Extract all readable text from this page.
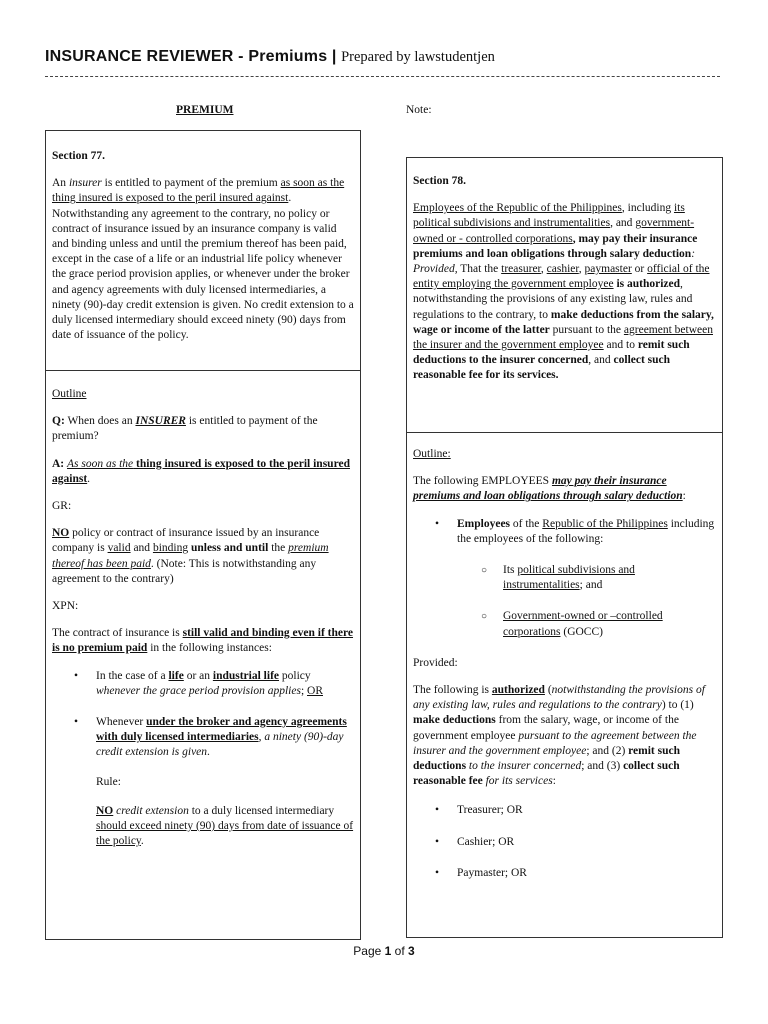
INSURANCE REVIEWER - Premiums | Prepared by lawstudentjen
PREMIUM	Note:

Section 77.

An insurer is entitled to payment of the premium as soon as the thing insured is exposed to the peril insured against. Notwithstanding any agreement to the contrary, no policy or contract of insurance issued by an insurance company is valid and binding unless and until the premium thereof has been paid, except in the case of a life or an industrial life policy whenever the grace period provision applies, or whenever under the broker and agency agreements with duly licensed intermediaries, a ninety (90)-day credit extension is given. No credit extension to a duly licensed intermediary should exceed ninety (90) days from date of issuance of the policy.

Outline

Q: When does an INSURER is entitled to payment of the premium?

A: As soon as the thing insured is exposed to the peril insured against.

GR:

NO policy or contract of insurance issued by an insurance company is valid and binding unless and until the premium thereof has been paid. (Note: This is notwithstanding any agreement to the contrary)

XPN:

The contract of insurance is still valid and binding even if there is no premium paid in the following instances:

• In the case of a life or an industrial life policy whenever the grace period provision applies; OR
• Whenever under the broker and agency agreements with duly licensed intermediaries, a ninety (90)-day credit extension is given.
Rule:
NO credit extension to a duly licensed intermediary should exceed ninety (90) days from date of issuance of the policy.

Section 78.

Employees of the Republic of the Philippines, including its political subdivisions and instrumentalities, and government-owned or - controlled corporations, may pay their insurance premiums and loan obligations through salary deduction: Provided, That the treasurer, cashier, paymaster or official of the entity employing the government employee is authorized, notwithstanding the provisions of any existing law, rules and regulations to the contrary, to make deductions from the salary, wage or income of the latter pursuant to the agreement between the insurer and the government employee and to remit such deductions to the insurer concerned, and collect such reasonable fee for its services.

Outline:

The following EMPLOYEES may pay their insurance premiums and loan obligations through salary deduction:

• Employees of the Republic of the Philippines including the employees of the following:
○ Its political subdivisions and instrumentalities; and
○ Government-owned or –controlled corporations (GOCC)

Provided:

The following is authorized (notwithstanding the provisions of any existing law, rules and regulations to the contrary) to (1) make deductions from the salary, wage, or income of the government employee pursuant to the agreement between the insurer and the government employee; and (2) remit such deductions to the insurer concerned; and (3) collect such reasonable fee for its services:

• Treasurer; OR
• Cashier; OR
• Paymaster; OR
Page 1 of 3
